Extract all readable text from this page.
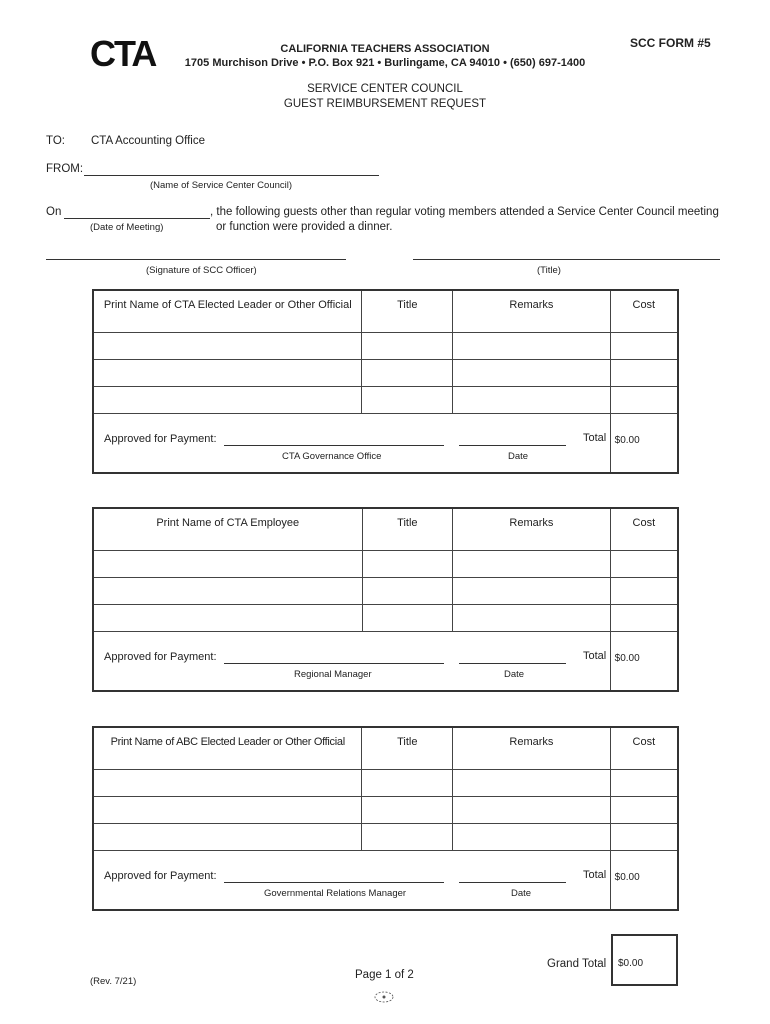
CTA	CALIFORNIA TEACHERS ASSOCIATION
1705 Murchison Drive • P.O. Box 921 • Burlingame, CA 94010 • (650) 697-1400
SCC FORM #5
SERVICE CENTER COUNCIL
GUEST REIMBURSEMENT REQUEST
TO: CTA Accounting Office
FROM:
(Name of Service Center Council)
On	, the following guests other than regular voting members attended a Service Center Council meeting
(Date of Meeting)	or function were provided a dinner.
(Signature of SCC Officer)	(Title)
Print Name of CTA Elected Leader or Other Official	Title	Remarks	Cost

Approved for Payment:
CTA Governance Office Date
Total			$0.00
Print Name of CTA Employee	Title	Remarks	Cost

Approved for Payment:
Regional Manager Date
Total			$0.00
Print Name of ABC Elected Leader or Other Official	Title	Remarks	Cost

Approved for Payment:
Governmental Relations Manager Date
Total			$0.00
Grand Total	$0.00
(Rev. 7/21)
Page 1 of 2
